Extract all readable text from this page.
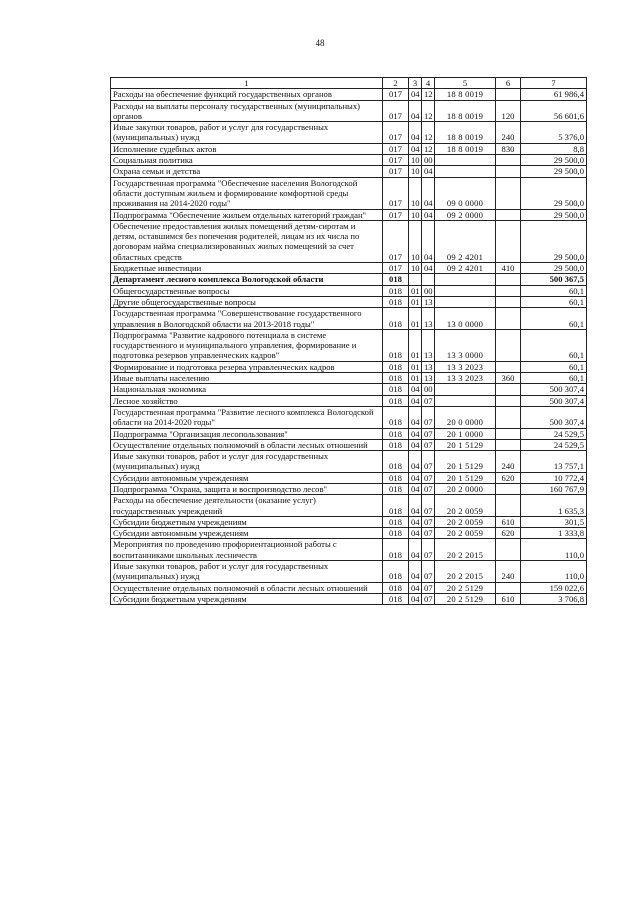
48
1	2	3	4	5	6	7
Расходы на обеспечение функций государственных органов	017	04	12	18 8 0019		61 986,4
Расходы на выплаты персоналу государственных (муниципальных) органов	017	04	12	18 8 0019	120	56 601,6
Иные закупки товаров, работ и услуг для государственных (муниципальных) нужд	017	04	12	18 8 0019	240	5 376,0
Исполнение судебных актов	017	04	12	18 8 0019	830	8,8
Социальная политика	017	10	00			29 500,0
Охрана семьи и детства	017	10	04			29 500,0
Государственная программа "Обеспечение населения Вологодской области доступным жильем и формирование комфортной среды проживания на 2014-2020 годы"	017	10	04	09 0 0000		29 500,0
Подпрограмма "Обеспечение жильем отдельных категорий граждан"	017	10	04	09 2 0000		29 500,0
Обеспечение предоставления жилых помещений детям-сиротам и детям, оставшимся без попечения родителей, лицам из их числа по договорам найма специализированных жилых помещений за счет областных средств	017	10	04	09 2 4201		29 500,0
Бюджетные инвестиции	017	10	04	09 2 4201	410	29 500,0
Департамент лесного комплекса Вологодской области	018					500 367,5
Общегосударственные вопросы	018	01	00			60,1
Другие общегосударственные вопросы	018	01	13			60,1
Государственная программа "Совершенствование государственного управления в Вологодской области на 2013-2018 годы"	018	01	13	13 0 0000		60,1
Подпрограмма "Развитие кадрового потенциала в системе государственного и муниципального управления, формирование и подготовка резервов управленческих кадров"	018	01	13	13 3 0000		60,1
Формирование и подготовка резерва управленческих кадров	018	01	13	13 3 2023		60,1
Иные выплаты населению	018	01	13	13 3 2023	360	60,1
Национальная экономика	018	04	00			500 307,4
Лесное хозяйство	018	04	07			500 307,4
Государственная программа "Развитие лесного комплекса Вологодской области на 2014-2020 годы"	018	04	07	20 0 0000		500 307,4
Подпрограмма "Организация лесопользования"	018	04	07	20 1 0000		24 529,5
Осуществление отдельных полномочий в области лесных отношений	018	04	07	20 1 5129		24 529,5
Иные закупки товаров, работ и услуг для государственных (муниципальных) нужд	018	04	07	20 1 5129	240	13 757,1
Субсидии автономным учреждениям	018	04	07	20 1 5129	620	10 772,4
Подпрограмма "Охрана, защита и воспроизводство лесов"	018	04	07	20 2 0000		160 767,9
Расходы на обеспечение деятельности (оказание услуг) государственных учреждений	018	04	07	20 2 0059		1 635,3
Субсидии бюджетным учреждениям	018	04	07	20 2 0059	610	301,5
Субсидии автономным учреждениям	018	04	07	20 2 0059	620	1 333,8
Мероприятия по проведению профориентационной работы с воспитанниками школьных лесничеств	018	04	07	20 2 2015		110,0
Иные закупки товаров, работ и услуг для государственных (муниципальных) нужд	018	04	07	20 2 2015	240	110,0
Осуществление отдельных полномочий в области лесных отношений	018	04	07	20 2 5129		159 022,6
Субсидии бюджетным учреждениям	018	04	07	20 2 5129	610	3 706,8
